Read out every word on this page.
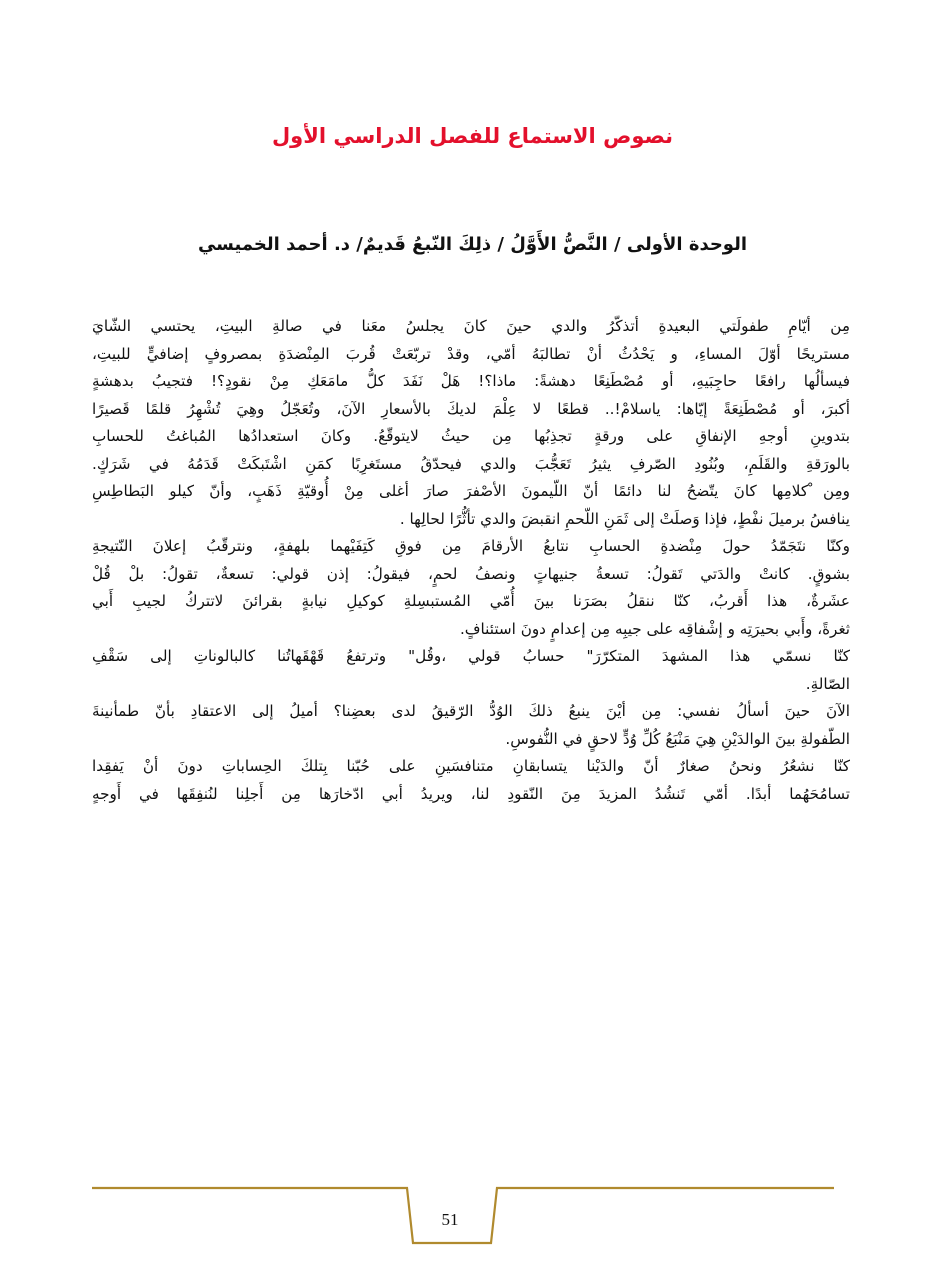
نصوص الاستماع للفصل الدراسي الأول
الوحدة الأولى / النَّصُّ الأَوَّلُ / ذلِكَ النّبعُ قَديمٌ/ د. أحمد الخميسي
مِن أيّامِ طفولَتي البعيدةِ أتذكّرُ والدي حينَ كانَ يجلسُ معَنا في صالةِ البيتِ، يحتسي الشّايَ
مستريحًا أوّلَ المساءِ، و يَحْدُثُ أنْ تطالبَهُ أمّي، وقدْ تربّعَتْ قُربَ المِنْضدَةِ بمصروفٍ إضافيٍّ للبيتِ،
فيسألُها رافعًا حاجِبَيهِ، أو مُصْطَنِعًا دهشةً: ماذا؟! هَلْ نَفَدَ كلُّ مامَعَكِ مِنْ نقودٍ؟! فتجيبُ بدهشةٍ
أكبرَ، أو مُصْطَنِعَةً إيّاها: ياسلامْ!.. قطعًا لا عِلْمَ لديكَ بالأسعارِ الآنَ، وتُعَجّلُ وهِيَ تُشْهِرُ قلمًا قَصيرًا
بتدوينِ أوجهِ الإنفاقِ على ورقةٍ تجذِبُها مِن حيثُ لايتوقّعُ. وكانَ استعدادُها المُباغتُ للحسابِ
بالورَقةِ والقَلَمِ، وبُنُودِ الصّرفِ يثيرُ تَعَجُّبَ والدي فيحدّقُ مستَغرِبًا كمَنِ اشْتَبكَتْ قَدَمُهُ في شَرَكٍ.
ومِن ْكلامِها كانَ يتّضحُ لنا دائمًا أنّ اللّيمونَ الأصْفرَ صارَ أغلى مِنْ أُوقيّةِ ذَهَبٍ، وأنّ كيلو البَطاطِسِ
ينافسُ برميلَ نفْطٍ، فإذا وَصلَتْ إلى ثَمَنِ اللّحمِ انقبضَ والدي تأثُّرًا لحالِها .
وكنّا نتَجَمّدُ حولَ مِنْضدةِ الحسابِ نتابعُ الأرقامَ مِن فوقِ كَتِفَيْهما بلهفةٍ، ونترقّبُ إعلانَ النّتيجةِ
بشوقٍ. كانتْ والدَتي تَقولُ: تسعةُ جنيهاتٍ ونصفُ لحمٍ، فيقولُ: إذن قولي: تسعةٌ، تقولُ: بلْ قُلْ
عشَرةٌ، هذا أَقربُ، كنّا ننقلُ بصَرَنا بينَ أُمّي المُستبسِلةِ كوكيلِ نيابةٍ بقرائنَ لاتتركُ لجيبِ أَبي
ثغرةً، وأَبي بحيرَتِه و إشْفاقِه على جيبِه مِن إعدامٍ دونَ استئنافٍ.
كنّا نسمّي هذا المشهدَ المتكرّرَ" حسابُ قولي ،وقُل" وترتفعُ قَهْقَهاتُنا كالبالوناتِ إلى سَقْفِ
الصّالةِ.
الآنَ حينَ أسألُ نفسي: مِن أيْنَ ينبعُ ذلكَ الوُدُّ الرّقيقُ لدى بعضِنا؟ أميلُ إلى الاعتقادِ بأنّ طمأنينةَ
الطّفولةِ بينَ الوالدَيْنِ هِيَ مَنْبَعُ كُلِّ وُدٍّ لاحقٍ في النُّفوسِ.
كنّا نشعُرُ ونحنُ صغارٌ أنّ والدَيْنا يتسابقانِ متنافسَينِ على حُبّنا بِتلكَ الحِساباتِ دونَ أنْ يَفقِدا
تسامُحَهُما أبدًا. أمّي تَنشُدُ المزيدَ مِنَ النّقودِ لنا، ويريدُ أبي ادّخارَها مِن أَجلِنا لنُنفِقَها في أَوجهٍ
51
